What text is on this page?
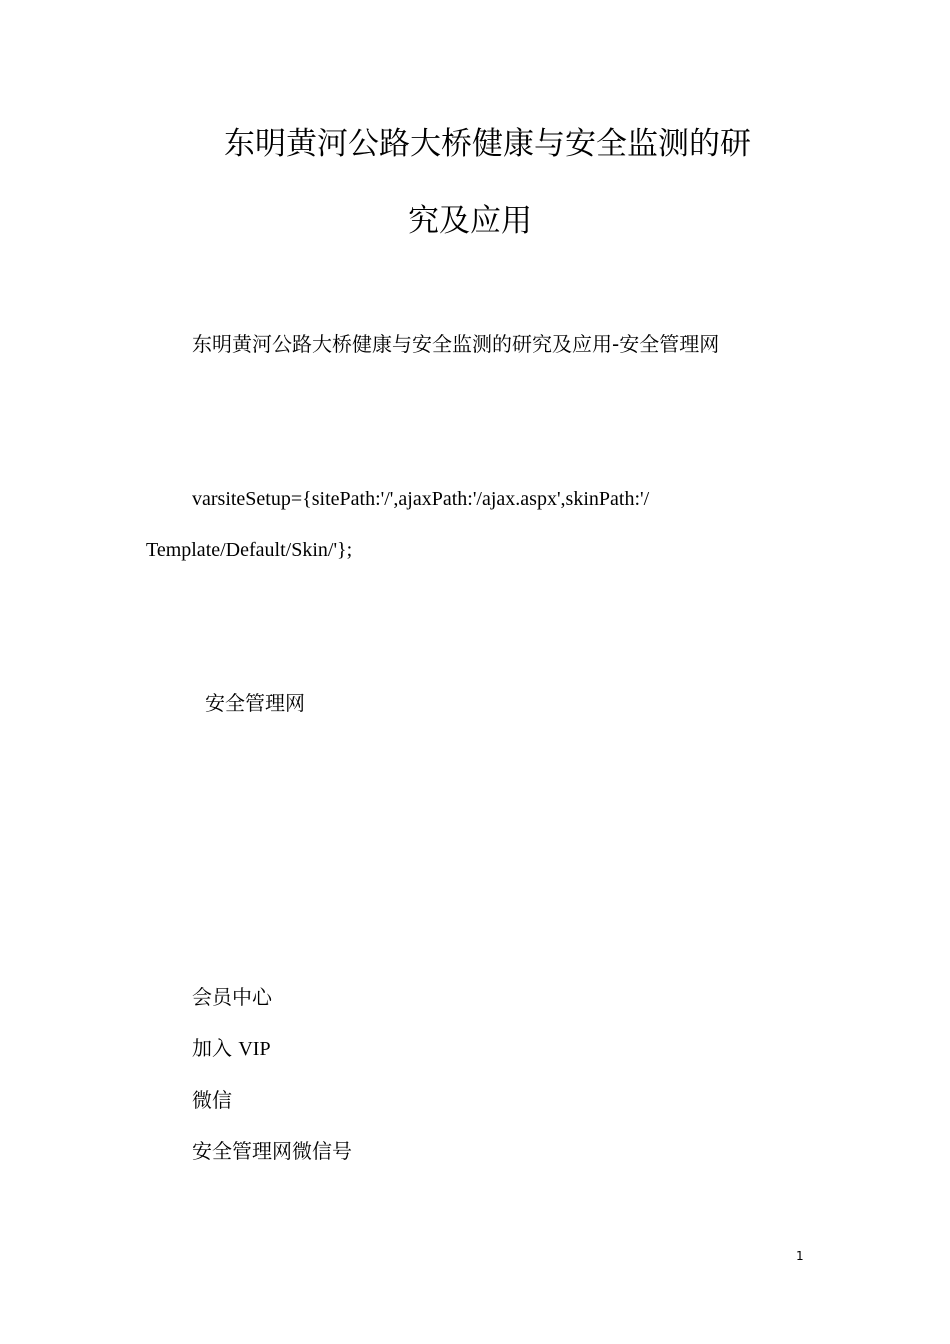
东明黄河公路大桥健康与安全监测的研
究及应用
东明黄河公路大桥健康与安全监测的研究及应用-安全管理网
varsiteSetup={sitePath:'/',ajaxPath:'/ajax.aspx',skinPath:'/
Template/Default/Skin/'};
安全管理网
会员中心
加入 VIP
微信
安全管理网微信号
1
